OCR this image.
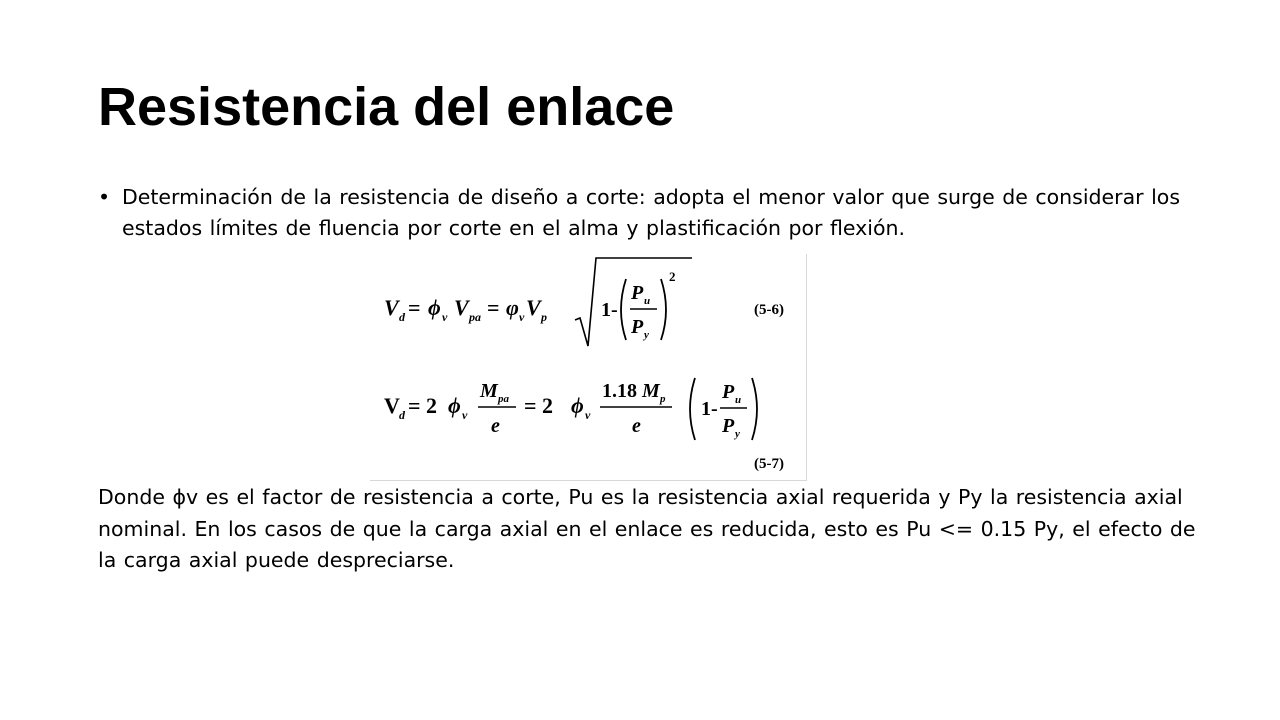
Resistencia del enlace
• Determinación de la resistencia de diseño a corte: adopta el menor valor que surge de considerar los estados límites de fluencia por corte en el alma y plastificación por flexión.
V d = ϕ v V pa = φ v V p	1-
P u
P y
2
(5-6)
V d = 2 ϕ v
M pa
e
= 2 ϕ v
1.18 M p
e
1-
P u
P y
(5-7)
Donde ϕv es el factor de resistencia a corte, Pu es la resistencia axial requerida y Py la resistencia axial nominal. En los casos de que la carga axial en el enlace es reducida, esto es Pu <= 0.15 Py, el efecto de la carga axial puede despreciarse.
